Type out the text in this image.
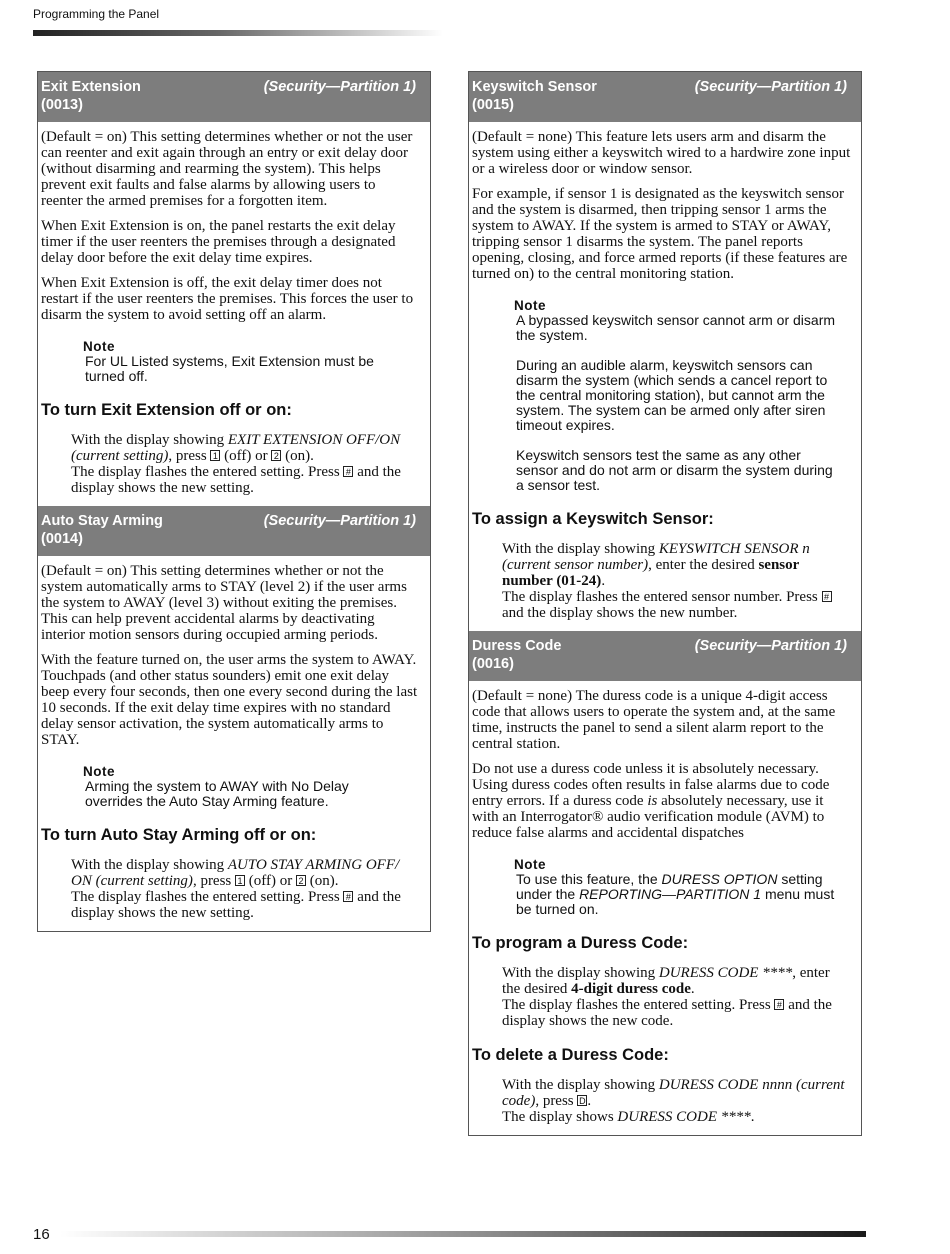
Programming the Panel
Exit Extension
(0013)
(Security—Partition 1)

(Default = on) This setting determines whether or not the user can reenter and exit again through an entry or exit delay door (without disarming and rearming the system). This helps prevent exit faults and false alarms by allowing users to reenter the armed premises for a forgotten item.

When Exit Extension is on, the panel restarts the exit delay timer if the user reenters the premises through a designated delay door before the exit delay time expires.

When Exit Extension is off, the exit delay timer does not restart if the user reenters the premises. This forces the user to disarm the system to avoid setting off an alarm.

Note

For UL Listed systems, Exit Extension must be turned off.

To turn Exit Extension off or on:
With the display showing EXIT EXTENSION OFF/ON (current setting), press 1 (off) or 2 (on).
The display flashes the entered setting. Press # and the display shows the new setting.
Auto Stay Arming
(0014)
(Security—Partition 1)

(Default = on) This setting determines whether or not the system automatically arms to STAY (level 2) if the user arms the system to AWAY (level 3) without exiting the premises. This can help prevent accidental alarms by deactivating interior motion sensors during occupied arming periods.

With the feature turned on, the user arms the system to AWAY. Touchpads (and other status sounders) emit one exit delay beep every four seconds, then one every second during the last 10 seconds. If the exit delay time expires with no standard delay sensor activation, the system automatically arms to STAY.

Note

Arming the system to AWAY with No Delay overrides the Auto Stay Arming feature.

To turn Auto Stay Arming off or on:
With the display showing AUTO STAY ARMING OFF/ ON (current setting), press 1 (off) or 2 (on).
The display flashes the entered setting. Press # and the display shows the new setting.
Keyswitch Sensor
(0015)
(Security—Partition 1)

(Default = none) This feature lets users arm and disarm the system using either a keyswitch wired to a hardwire zone input or a wireless door or window sensor.

For example, if sensor 1 is designated as the keyswitch sensor and the system is disarmed, then tripping sensor 1 arms the system to AWAY. If the system is armed to STAY or AWAY, tripping sensor 1 disarms the system. The panel reports opening, closing, and force armed reports (if these features are turned on) to the central monitoring station.

Note

A bypassed keyswitch sensor cannot arm or disarm the system.

During an audible alarm, keyswitch sensors can disarm the system (which sends a cancel report to the central monitoring station), but cannot arm the system. The system can be armed only after siren timeout expires.

Keyswitch sensors test the same as any other sensor and do not arm or disarm the system during a sensor test.

To assign a Keyswitch Sensor:
With the display showing KEYSWITCH SENSOR n (current sensor number), enter the desired sensor number (01-24).
The display flashes the entered sensor number. Press # and the display shows the new number.
Duress Code
(0016)
(Security—Partition 1)

(Default = none) The duress code is a unique 4-digit access code that allows users to operate the system and, at the same time, instructs the panel to send a silent alarm report to the central station.

Do not use a duress code unless it is absolutely necessary. Using duress codes often results in false alarms due to code entry errors. If a duress code is absolutely necessary, use it with an Interrogator® audio verification module (AVM) to reduce false alarms and accidental dispatches

Note

To use this feature, the DURESS OPTION setting under the REPORTING—PARTITION 1 menu must be turned on.

To program a Duress Code:
With the display showing DURESS CODE ****, enter the desired 4-digit duress code.
The display flashes the entered setting. Press # and the display shows the new code.
To delete a Duress Code:
With the display showing DURESS CODE nnnn (current code), press D .
The display shows DURESS CODE ****.
16
